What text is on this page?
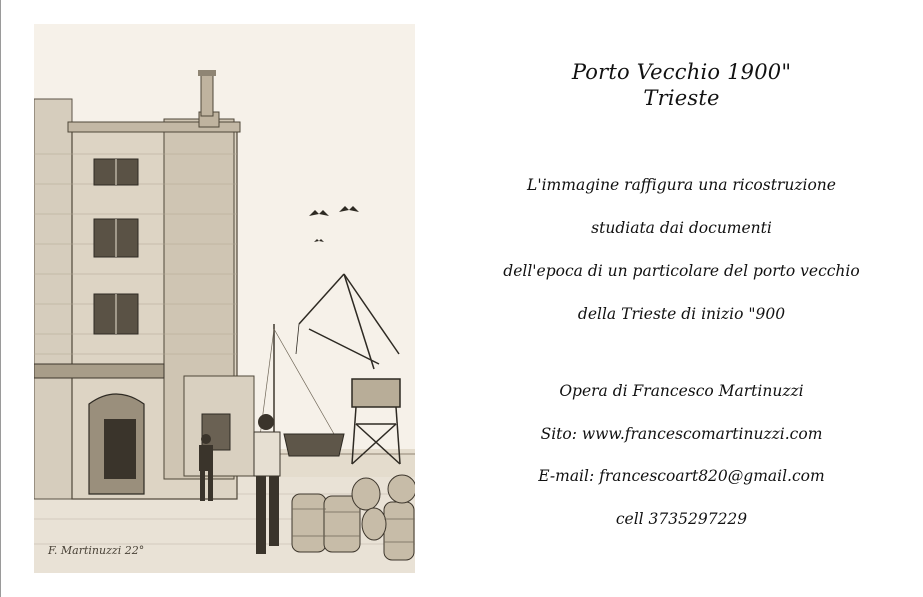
F. Martinuzzi 22°
Porto Vecchio 1900"
Trieste
L'immagine raffigura una ricostruzione
studiata dai documenti
dell'epoca di un particolare del porto vecchio
della Trieste di inizio "900
Opera di Francesco Martinuzzi
Sito: www.francescomartinuzzi.com
E-mail: francescoart820@gmail.com
cell 3735297229
